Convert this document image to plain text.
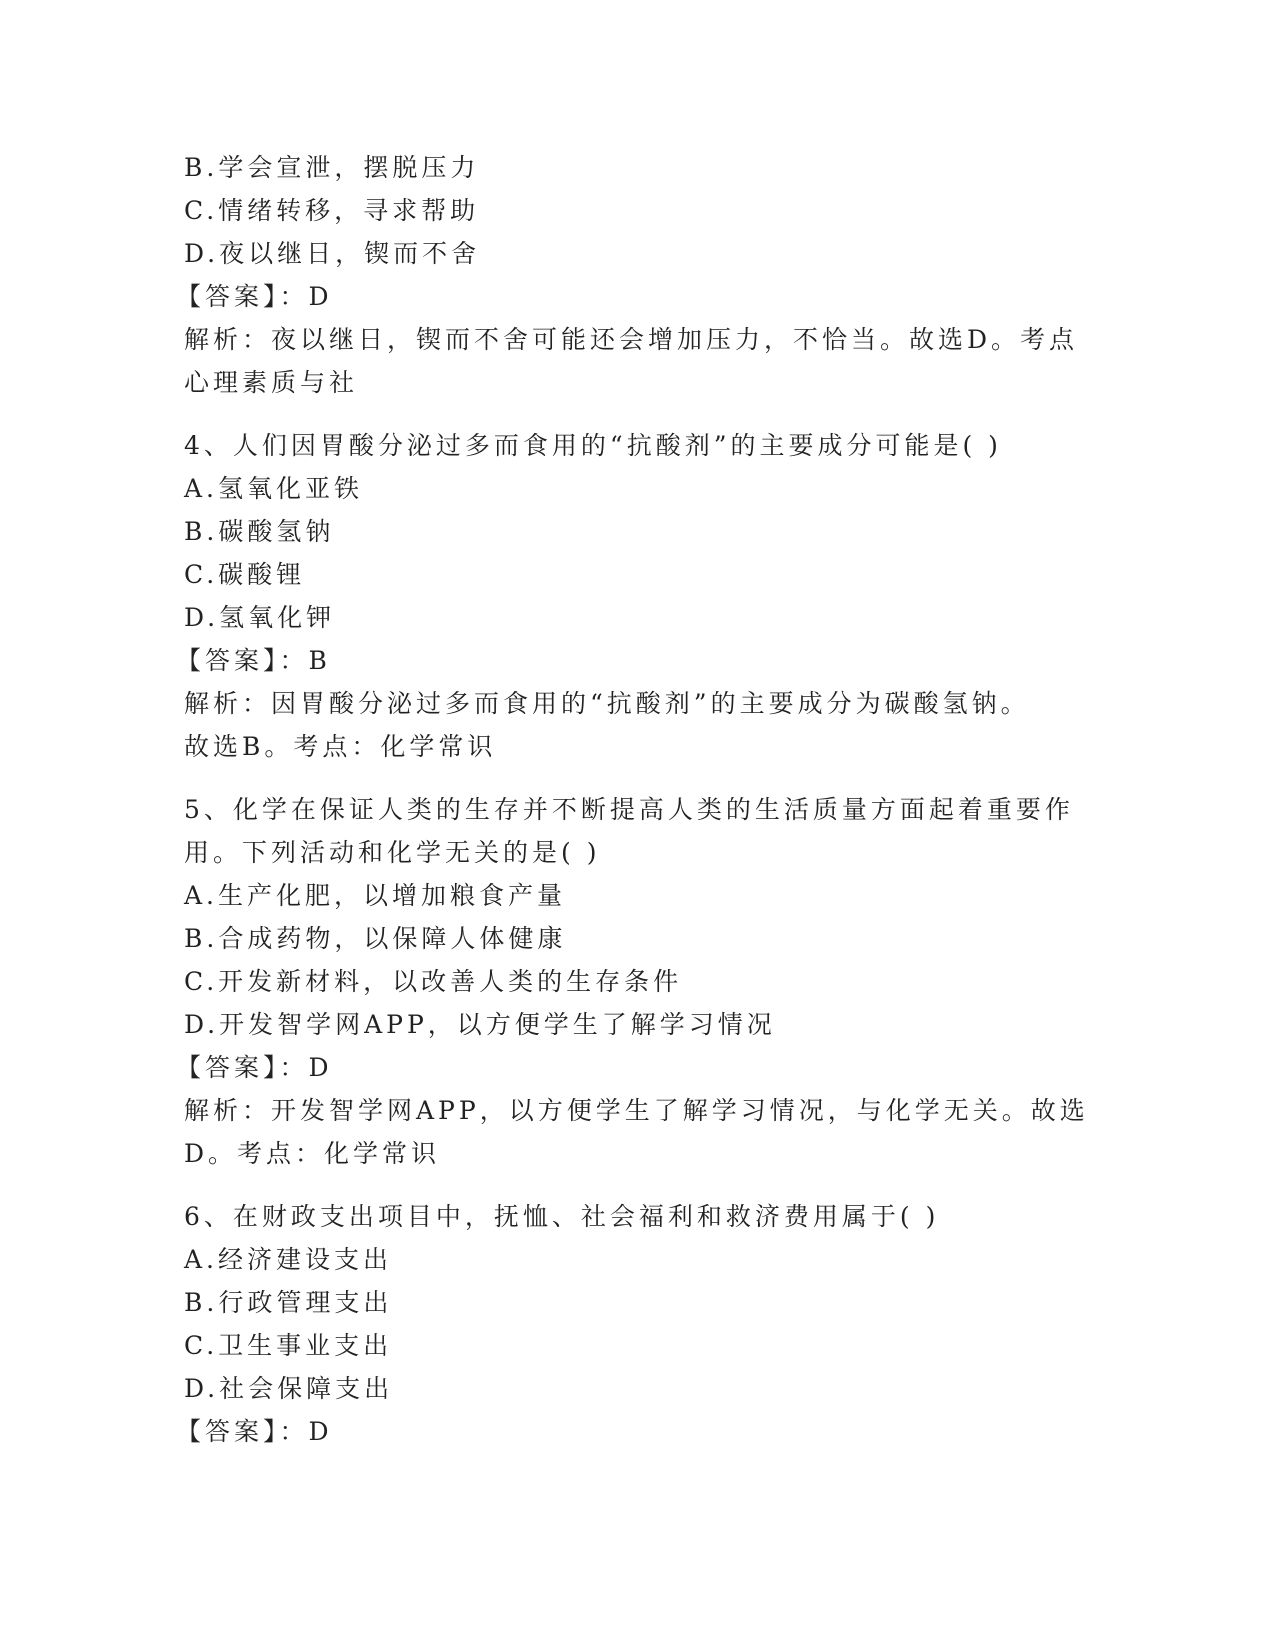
B.学会宣泄，摆脱压力
C.情绪转移，寻求帮助
D.夜以继日，锲而不舍
【答案】：D
解析：夜以继日，锲而不舍可能还会增加压力，不恰当。故选D。考点
心理素质与社
4、人们因胃酸分泌过多而食用的“抗酸剂”的主要成分可能是( )
A.氢氧化亚铁
B.碳酸氢钠
C.碳酸锂
D.氢氧化钾
【答案】：B
解析：因胃酸分泌过多而食用的“抗酸剂”的主要成分为碳酸氢钠。
故选B。考点：化学常识
5、化学在保证人类的生存并不断提高人类的生活质量方面起着重要作
用。下列活动和化学无关的是( )
A.生产化肥，以增加粮食产量
B.合成药物，以保障人体健康
C.开发新材料，以改善人类的生存条件
D.开发智学网APP，以方便学生了解学习情况
【答案】：D
解析：开发智学网APP，以方便学生了解学习情况，与化学无关。故选
D。考点：化学常识
6、在财政支出项目中，抚恤、社会福利和救济费用属于( )
A.经济建设支出
B.行政管理支出
C.卫生事业支出
D.社会保障支出
【答案】：D
